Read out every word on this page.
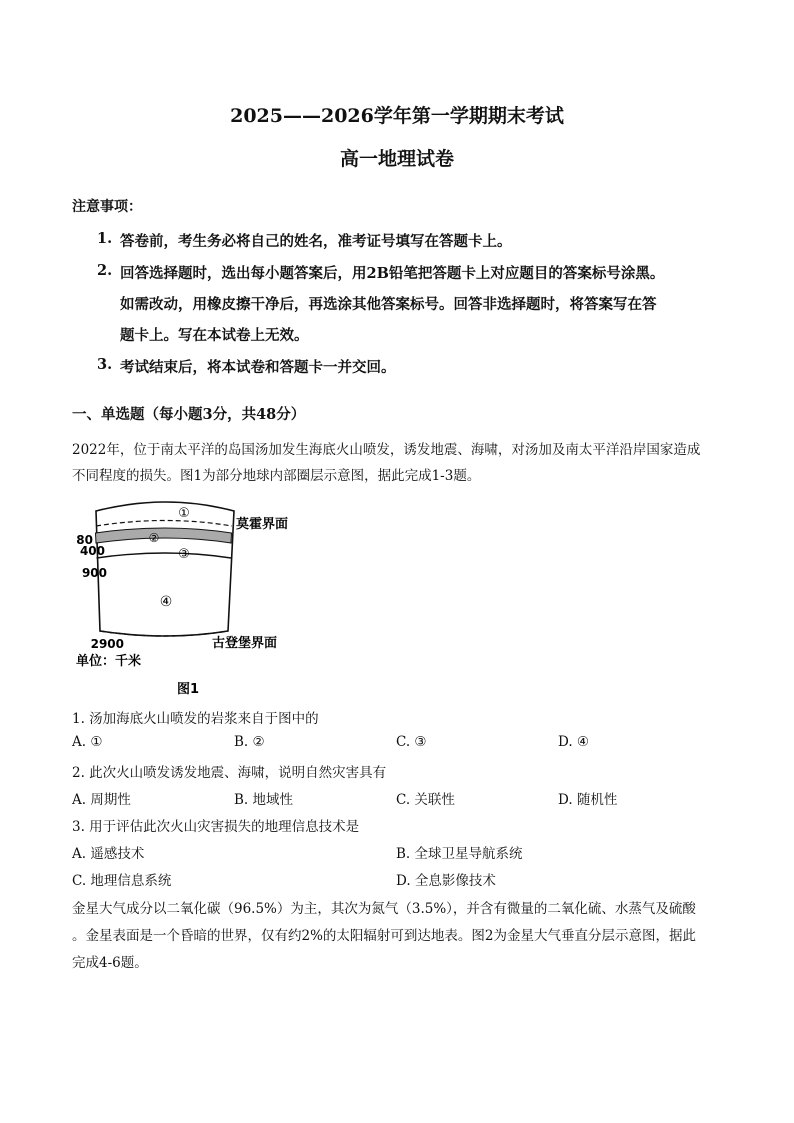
2025——2026学年第一学期期末考试
高一地理试卷
注意事项：
1. 答卷前，考生务必将自己的姓名，准考证号填写在答题卡上。
2. 回答选择题时，选出每小题答案后，用2B铅笔把答题卡上对应题目的答案标号涂黑。
如需改动，用橡皮擦干净后，再选涂其他答案标号。回答非选择题时，将答案写在答
题卡上。写在本试卷上无效。
3. 考试结束后，将本试卷和答题卡一并交回。
一、单选题（每小题3分，共48分）
2022年，位于南太平洋的岛国汤加发生海底火山喷发，诱发地震、海啸，对汤加及南太平洋沿岸国家造成
不同程度的损失。图1为部分地球内部圈层示意图，据此完成1-3题。
①
②
③
④
莫霍界面
古登堡界面
80
400
900
2900
单位：千米
图1
1. 汤加海底火山喷发的岩浆来自于图中的
A. ①	B. ②	C. ③	D. ④
2. 此次火山喷发诱发地震、海啸，说明自然灾害具有
A. 周期性	B. 地域性	C. 关联性	D. 随机性
3. 用于评估此次火山灾害损失的地理信息技术是
A. 遥感技术	B. 全球卫星导航系统
C. 地理信息系统	D. 全息影像技术
金星大气成分以二氧化碳（96.5%）为主，其次为氮气（3.5%），并含有微量的二氧化硫、水蒸气及硫酸
。金星表面是一个昏暗的世界，仅有约2%的太阳辐射可到达地表。图2为金星大气垂直分层示意图，据此
完成4-6题。
